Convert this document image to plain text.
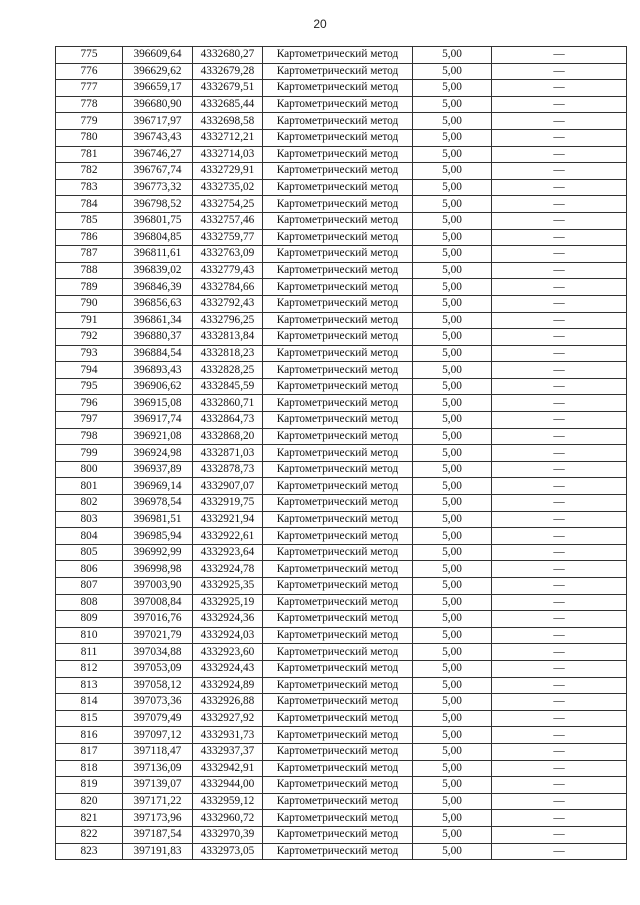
20
775	396609,64	4332680,27	Картометрический метод	5,00	—
776	396629,62	4332679,28	Картометрический метод	5,00	—
777	396659,17	4332679,51	Картометрический метод	5,00	—
778	396680,90	4332685,44	Картометрический метод	5,00	—
779	396717,97	4332698,58	Картометрический метод	5,00	—
780	396743,43	4332712,21	Картометрический метод	5,00	—
781	396746,27	4332714,03	Картометрический метод	5,00	—
782	396767,74	4332729,91	Картометрический метод	5,00	—
783	396773,32	4332735,02	Картометрический метод	5,00	—
784	396798,52	4332754,25	Картометрический метод	5,00	—
785	396801,75	4332757,46	Картометрический метод	5,00	—
786	396804,85	4332759,77	Картометрический метод	5,00	—
787	396811,61	4332763,09	Картометрический метод	5,00	—
788	396839,02	4332779,43	Картометрический метод	5,00	—
789	396846,39	4332784,66	Картометрический метод	5,00	—
790	396856,63	4332792,43	Картометрический метод	5,00	—
791	396861,34	4332796,25	Картометрический метод	5,00	—
792	396880,37	4332813,84	Картометрический метод	5,00	—
793	396884,54	4332818,23	Картометрический метод	5,00	—
794	396893,43	4332828,25	Картометрический метод	5,00	—
795	396906,62	4332845,59	Картометрический метод	5,00	—
796	396915,08	4332860,71	Картометрический метод	5,00	—
797	396917,74	4332864,73	Картометрический метод	5,00	—
798	396921,08	4332868,20	Картометрический метод	5,00	—
799	396924,98	4332871,03	Картометрический метод	5,00	—
800	396937,89	4332878,73	Картометрический метод	5,00	—
801	396969,14	4332907,07	Картометрический метод	5,00	—
802	396978,54	4332919,75	Картометрический метод	5,00	—
803	396981,51	4332921,94	Картометрический метод	5,00	—
804	396985,94	4332922,61	Картометрический метод	5,00	—
805	396992,99	4332923,64	Картометрический метод	5,00	—
806	396998,98	4332924,78	Картометрический метод	5,00	—
807	397003,90	4332925,35	Картометрический метод	5,00	—
808	397008,84	4332925,19	Картометрический метод	5,00	—
809	397016,76	4332924,36	Картометрический метод	5,00	—
810	397021,79	4332924,03	Картометрический метод	5,00	—
811	397034,88	4332923,60	Картометрический метод	5,00	—
812	397053,09	4332924,43	Картометрический метод	5,00	—
813	397058,12	4332924,89	Картометрический метод	5,00	—
814	397073,36	4332926,88	Картометрический метод	5,00	—
815	397079,49	4332927,92	Картометрический метод	5,00	—
816	397097,12	4332931,73	Картометрический метод	5,00	—
817	397118,47	4332937,37	Картометрический метод	5,00	—
818	397136,09	4332942,91	Картометрический метод	5,00	—
819	397139,07	4332944,00	Картометрический метод	5,00	—
820	397171,22	4332959,12	Картометрический метод	5,00	—
821	397173,96	4332960,72	Картометрический метод	5,00	—
822	397187,54	4332970,39	Картометрический метод	5,00	—
823	397191,83	4332973,05	Картометрический метод	5,00	—
